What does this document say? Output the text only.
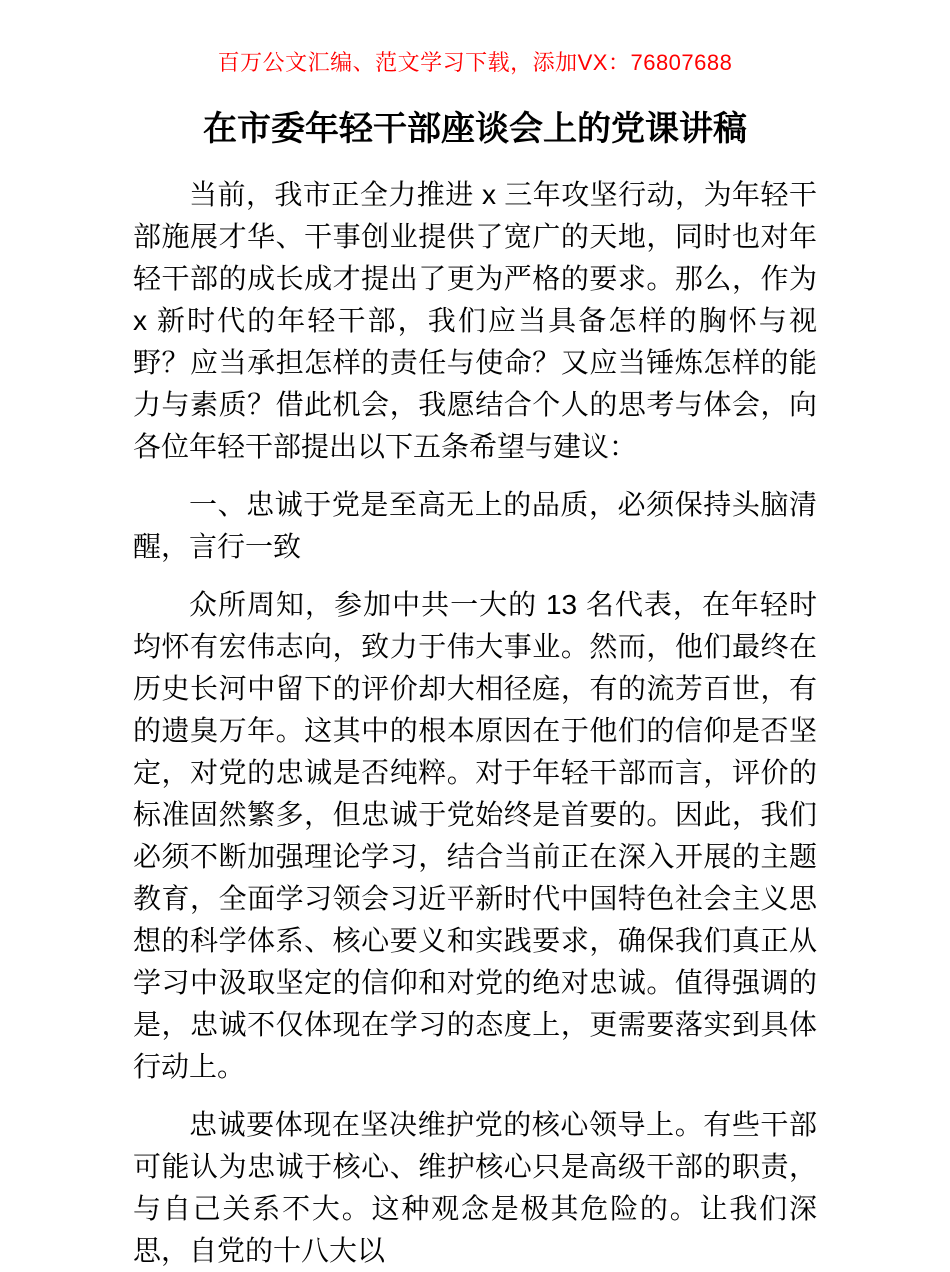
百万公文汇编、范文学习下载，添加VX：76807688
在市委年轻干部座谈会上的党课讲稿

当前，我市正全力推进 x 三年攻坚行动，为年轻干部施展才华、干事创业提供了宽广的天地，同时也对年轻干部的成长成才提出了更为严格的要求。那么，作为 x 新时代的年轻干部，我们应当具备怎样的胸怀与视野？应当承担怎样的责任与使命？又应当锤炼怎样的能力与素质？借此机会，我愿结合个人的思考与体会，向各位年轻干部提出以下五条希望与建议：

一、忠诚于党是至高无上的品质，必须保持头脑清醒，言行一致

众所周知，参加中共一大的 13 名代表，在年轻时均怀有宏伟志向，致力于伟大事业。然而，他们最终在历史长河中留下的评价却大相径庭，有的流芳百世，有的遗臭万年。这其中的根本原因在于他们的信仰是否坚定，对党的忠诚是否纯粹。对于年轻干部而言，评价的标准固然繁多，但忠诚于党始终是首要的。因此，我们必须不断加强理论学习，结合当前正在深入开展的主题教育，全面学习领会习近平新时代中国特色社会主义思想的科学体系、核心要义和实践要求，确保我们真正从学习中汲取坚定的信仰和对党的绝对忠诚。值得强调的是，忠诚不仅体现在学习的态度上，更需要落实到具体行动上。

忠诚要体现在坚决维护党的核心领导上。有些干部可能认为忠诚于核心、维护核心只是高级干部的职责，与自己关系不大。这种观念是极其危险的。让我们深思，自党的十八大以
